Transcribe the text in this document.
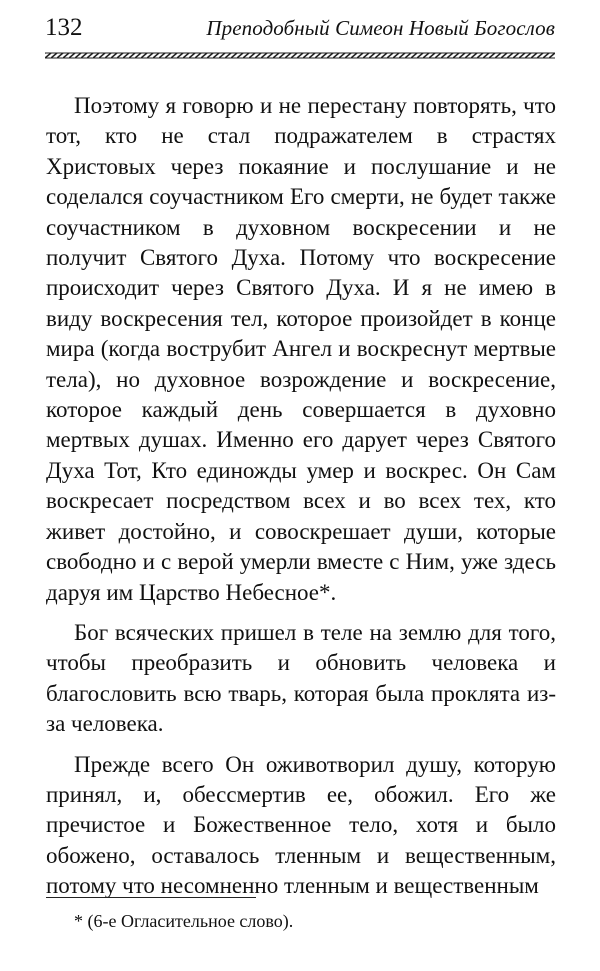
132	Преподобный Симеон Новый Богослов

Поэтому я говорю и не перестану повторять, что тот, кто не стал подражателем в страстях Христовых через покаяние и послушание и не соделался соучастником Его смерти, не будет также соучастником в духовном воскресении и не получит Святого Духа. Потому что воскресение происходит через Святого Духа. И я не имею в виду воскресения тел, которое произойдет в конце мира (когда вострубит Ангел и воскреснут мертвые тела), но духовное возрождение и воскресение, которое каждый день совершается в духовно мертвых душах. Именно его дарует через Святого Духа Тот, Кто единожды умер и воскрес. Он Сам воскресает посредством всех и во всех тех, кто живет достойно, и совоскрешает души, которые свободно и с верой умерли вместе с Ним, уже здесь даруя им Царство Небесное*.

Бог всяческих пришел в теле на землю для того, чтобы преобразить и обновить человека и благословить всю тварь, которая была проклята из-за человека.

Прежде всего Он оживотворил душу, которую принял, и, обессмертив ее, обожил. Его же пречистое и Божественное тело, хотя и было обожено, оставалось тленным и вещественным, потому что несомненно тленным и вещественным

* (6-е Огласительное слово).
